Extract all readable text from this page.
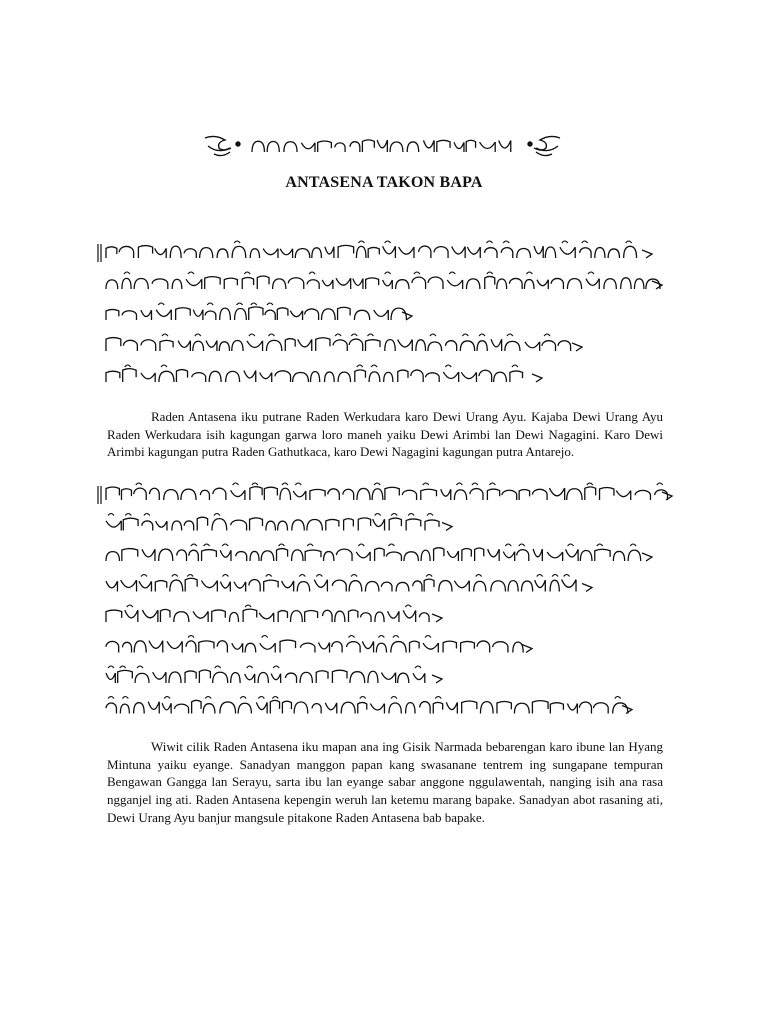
ANTASENA TAKON BAPA

Raden Antasena iku putrane Raden Werkudara karo Dewi Urang Ayu. Kajaba Dewi Urang Ayu Raden Werkudara isih kagungan garwa loro maneh yaiku Dewi Arimbi lan Dewi Nagagini. Karo Dewi Arimbi kagungan putra Raden Gathutkaca, karo Dewi Nagagini kagungan putra Antarejo.

Wiwit cilik Raden Antasena iku mapan ana ing Gisik Narmada bebarengan karo ibune lan Hyang Mintuna yaiku eyange. Sanadyan manggon papan kang swasanane tentrem ing sungapane tempuran Bengawan Gangga lan Serayu, sarta ibu lan eyange sabar anggone nggulawentah, nanging isih ana rasa ngganjel ing ati. Raden Antasena kepengin weruh lan ketemu marang bapake. Sanadyan abot rasaning ati, Dewi Urang Ayu banjur mangsule pitakone Raden Antasena bab bapake.
